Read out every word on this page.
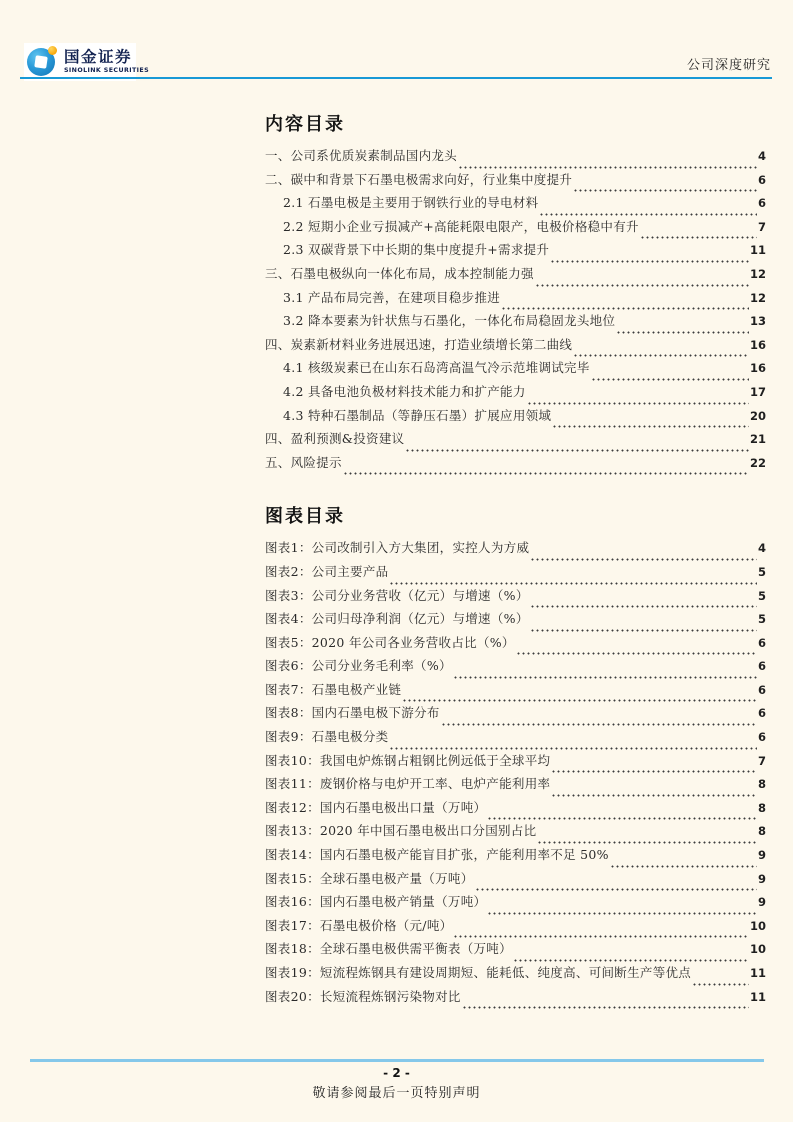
国金证券
SINOLINK SECURITIES	公司深度研究
内容目录
一、公司系优质炭素制品国内龙头	4
二、碳中和背景下石墨电极需求向好，行业集中度提升	6
2.1 石墨电极是主要用于钢铁行业的导电材料	6
2.2 短期小企业亏损减产+高能耗限电限产，电极价格稳中有升	7
2.3 双碳背景下中长期的集中度提升+需求提升	11
三、石墨电极纵向一体化布局，成本控制能力强	12
3.1 产品布局完善，在建项目稳步推进	12
3.2 降本要素为针状焦与石墨化，一体化布局稳固龙头地位	13
四、炭素新材料业务进展迅速，打造业绩增长第二曲线	16
4.1 核级炭素已在山东石岛湾高温气冷示范堆调试完毕	16
4.2 具备电池负极材料技术能力和扩产能力	17
4.3 特种石墨制品（等静压石墨）扩展应用领域	20
四、盈利预测&投资建议	21
五、风险提示	22
图表目录
图表1：公司改制引入方大集团，实控人为方威	4
图表2：公司主要产品	5
图表3：公司分业务营收（亿元）与增速（%）	5
图表4：公司归母净利润（亿元）与增速（%）	5
图表5：2020 年公司各业务营收占比（%）	6
图表6：公司分业务毛利率（%）	6
图表7：石墨电极产业链	6
图表8：国内石墨电极下游分布	6
图表9：石墨电极分类	6
图表10：我国电炉炼钢占粗钢比例远低于全球平均	7
图表11：废钢价格与电炉开工率、电炉产能利用率	8
图表12：国内石墨电极出口量（万吨）	8
图表13：2020 年中国石墨电极出口分国别占比	8
图表14：国内石墨电极产能盲目扩张，产能利用率不足 50%	9
图表15：全球石墨电极产量（万吨）	9
图表16：国内石墨电极产销量（万吨）	9
图表17：石墨电极价格（元/吨）	10
图表18：全球石墨电极供需平衡表（万吨）	10
图表19：短流程炼钢具有建设周期短、能耗低、纯度高、可间断生产等优点	11
图表20：长短流程炼钢污染物对比	11
- 2 -
敬请参阅最后一页特别声明
